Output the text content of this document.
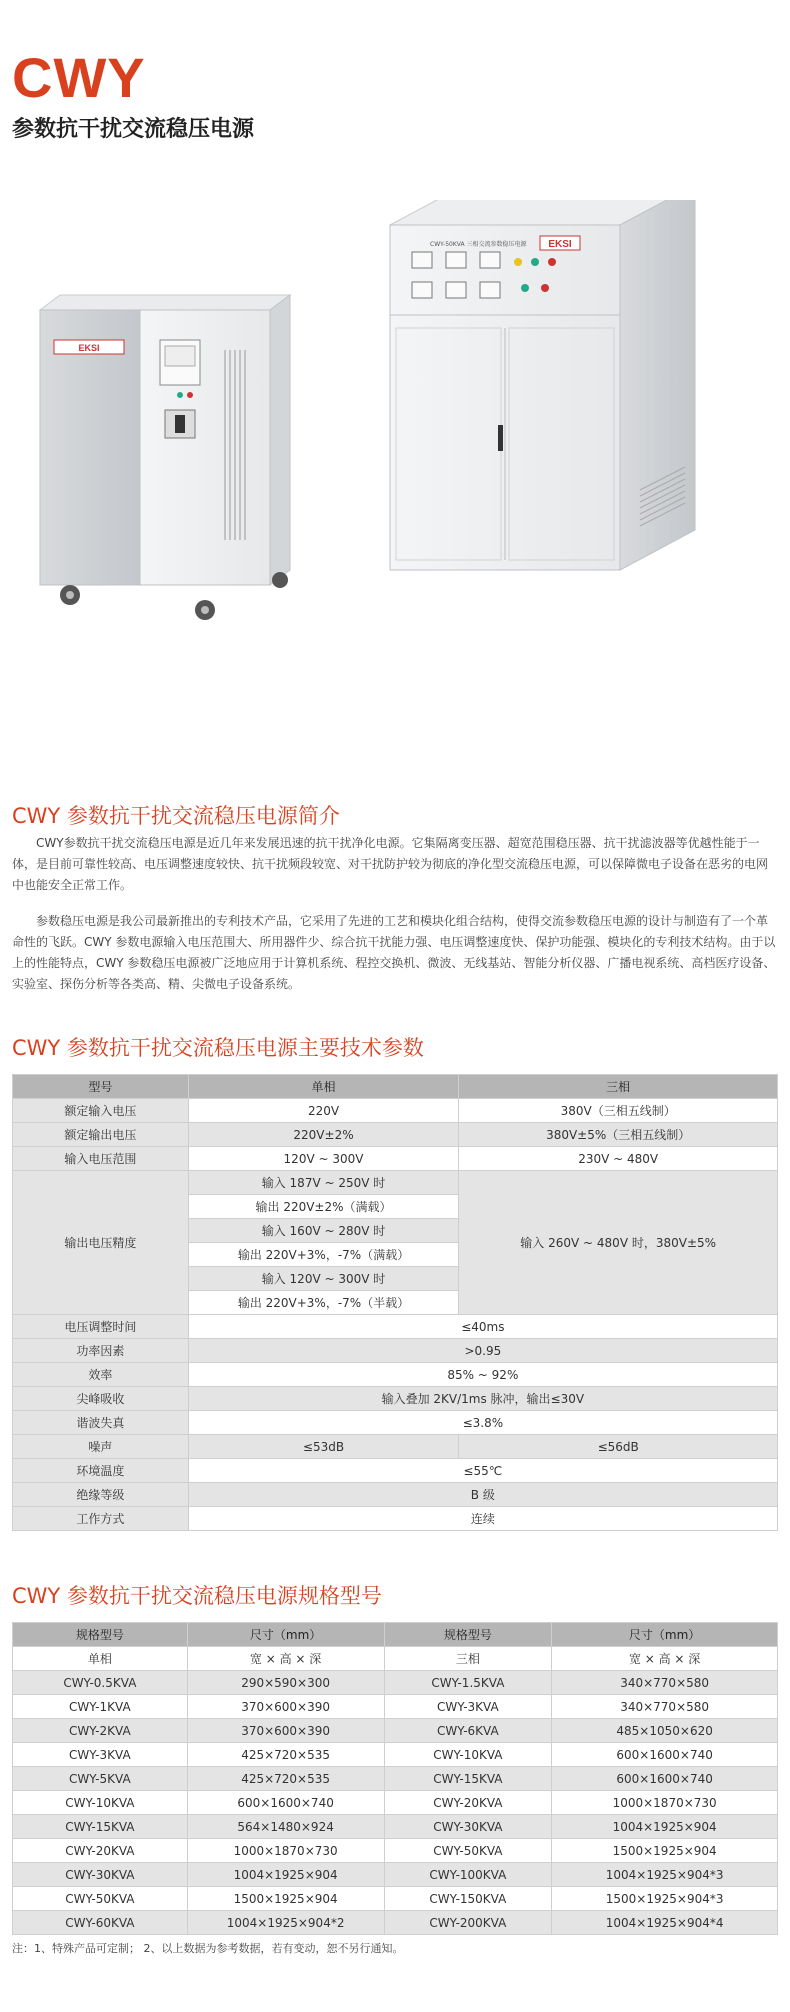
CWY
参数抗干扰交流稳压电源
EKSI
CWY-50KVA 三相交流参数稳压电源 EKSI
CWY 参数抗干扰交流稳压电源简介

CWY参数抗干扰交流稳压电源是近几年来发展迅速的抗干扰净化电源。它集隔离变压器、超宽范围稳压器、抗干扰滤波器等优越性能于一体，是目前可靠性较高、电压调整速度较快、抗干扰频段较宽、对干扰防护较为彻底的净化型交流稳压电源，可以保障微电子设备在恶劣的电网中也能安全正常工作。

参数稳压电源是我公司最新推出的专利技术产品，它采用了先进的工艺和模块化组合结构，使得交流参数稳压电源的设计与制造有了一个革命性的飞跃。CWY 参数电源输入电压范围大、所用器件少、综合抗干扰能力强、电压调整速度快、保护功能强、模块化的专利技术结构。由于以上的性能特点，CWY 参数稳压电源被广泛地应用于计算机系统、程控交换机、微波、无线基站、智能分析仪器、广播电视系统、高档医疗设备、实验室、探伤分析等各类高、精、尖微电子设备系统。

CWY 参数抗干扰交流稳压电源主要技术参数
型号	单相	三相
额定输入电压	220V	380V（三相五线制）
额定输出电压	220V±2%	380V±5%（三相五线制）
输入电压范围	120V ~ 300V	230V ~ 480V
输出电压精度	输入 187V ~ 250V 时	输入 260V ~ 480V 时，380V±5%
	输出 220V±2%（满载）	
	输入 160V ~ 280V 时	
	输出 220V+3%，-7%（满载）	
	输入 120V ~ 300V 时	
	输出 220V+3%，-7%（半载）	
电压调整时间	≤40ms	
功率因素	>0.95	
效率	85% ~ 92%	
尖峰吸收	输入叠加 2KV/1ms 脉冲，输出≤30V	
谐波失真	≤3.8%	
噪声	≤53dB	≤56dB
环境温度	≤55℃	
绝缘等级	B 级	
工作方式	连续	
CWY 参数抗干扰交流稳压电源规格型号
规格型号	尺寸（mm）	规格型号	尺寸（mm）
单相	宽 × 高 × 深	三相	宽 × 高 × 深
CWY-0.5KVA	290×590×300	CWY-1.5KVA	340×770×580
CWY-1KVA	370×600×390	CWY-3KVA	340×770×580
CWY-2KVA	370×600×390	CWY-6KVA	485×1050×620
CWY-3KVA	425×720×535	CWY-10KVA	600×1600×740
CWY-5KVA	425×720×535	CWY-15KVA	600×1600×740
CWY-10KVA	600×1600×740	CWY-20KVA	1000×1870×730
CWY-15KVA	564×1480×924	CWY-30KVA	1004×1925×904
CWY-20KVA	1000×1870×730	CWY-50KVA	1500×1925×904
CWY-30KVA	1004×1925×904	CWY-100KVA	1004×1925×904*3
CWY-50KVA	1500×1925×904	CWY-150KVA	1500×1925×904*3
CWY-60KVA	1004×1925×904*2	CWY-200KVA	1004×1925×904*4
注：1、特殊产品可定制； 2、以上数据为参考数据，若有变动，恕不另行通知。
